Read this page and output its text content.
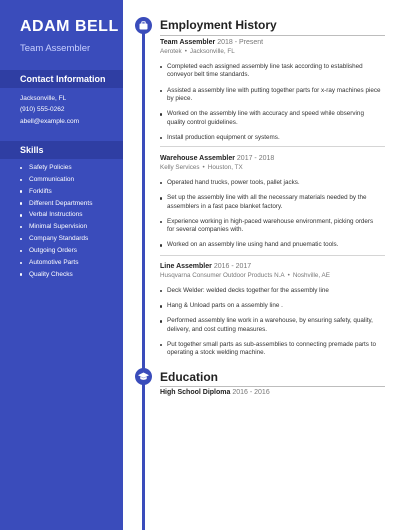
ADAM BELL
Team Assembler
Contact Information
Jacksonville, FL
(910) 555-0262
abell@example.com
Skills
Safety Policies
Communication
Forklifts
Different Departments
Verbal Instructions
Minimal Supervision
Company Standards
Outgoing Orders
Automotive Parts
Quality Checks
Employment History
Team Assembler 2018 - Present
Aerotek • Jacksonville, FL
Completed each assigned assembly line task according to established conveyor belt time standards.
Assisted a assembly line with putting together parts for x-ray machines piece by piece.
Worked on the assembly line with accuracy and speed while observing quality control guidelines.
Install production equipment or systems.
Warehouse Assembler 2017 - 2018
Kelly Services • Houston, TX
Operated hand trucks, power tools, pallet jacks.
Set up the assembly line with all the necessary materials needed by the assemblers in a fast pace blanket factory.
Experience working in high-paced warehouse environment, picking orders for several companies with.
Worked on an assembly line using hand and pnuematic tools.
Line Assembler 2016 - 2017
Husqvarna Consumer Outdoor Products N.A • Noshville, AE
Deck Welder: welded decks together for the assembly line
Hang & Unload parts on a assembly line .
Performed assembly line work in a warehouse, by ensuring safety, quality, delivery, and cost cutting measures.
Put together small parts as sub-assemblies to connecting premade parts to operating a stock welding machine.
Education
High School Diploma 2016 - 2016
